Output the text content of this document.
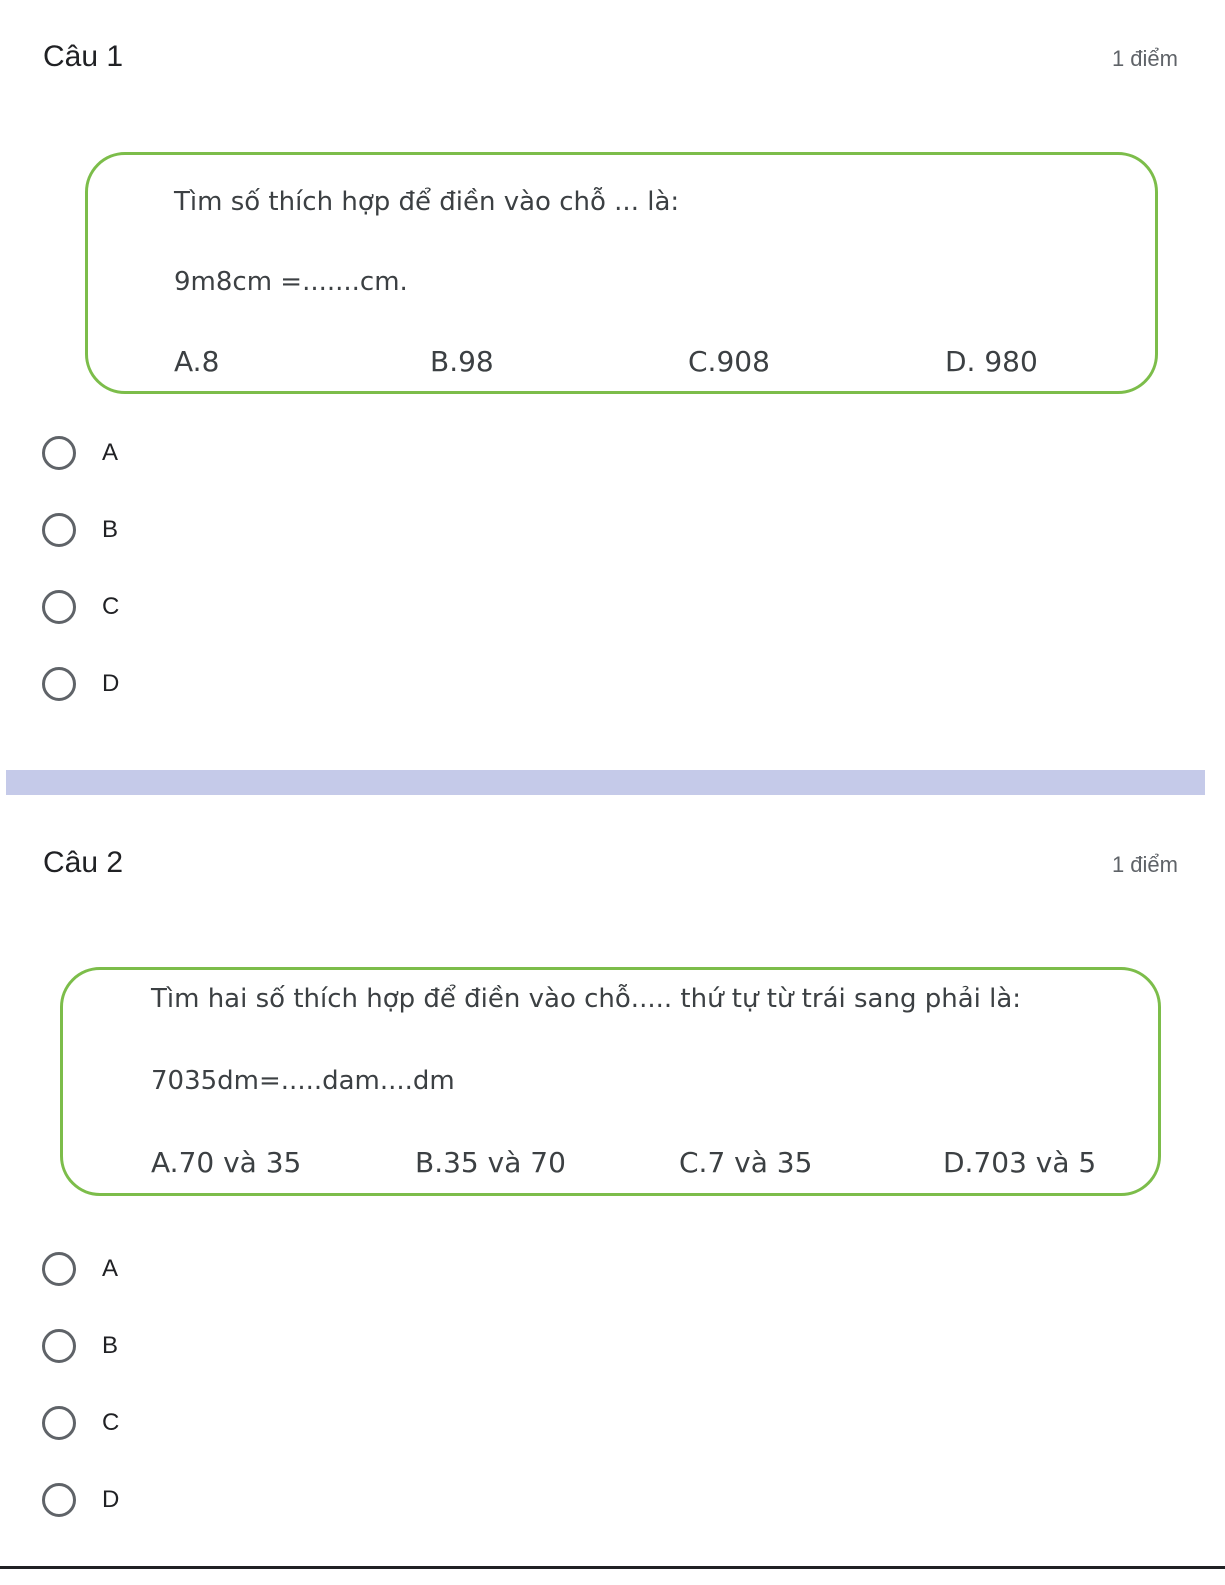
Câu 1	1 điểm
Tìm số thích hợp để điền vào chỗ ... là:
9m8cm =.......cm.
A.8	B.98	C.908	D. 980
A
B
C
D
Câu 2	1 điểm
Tìm hai số thích hợp để điền vào chỗ..... thứ tự từ trái sang phải là:
7035dm=.....dam....dm
A.70 và 35	B.35 và 70	C.7 và 35	D.703 và 5
A
B
C
D
